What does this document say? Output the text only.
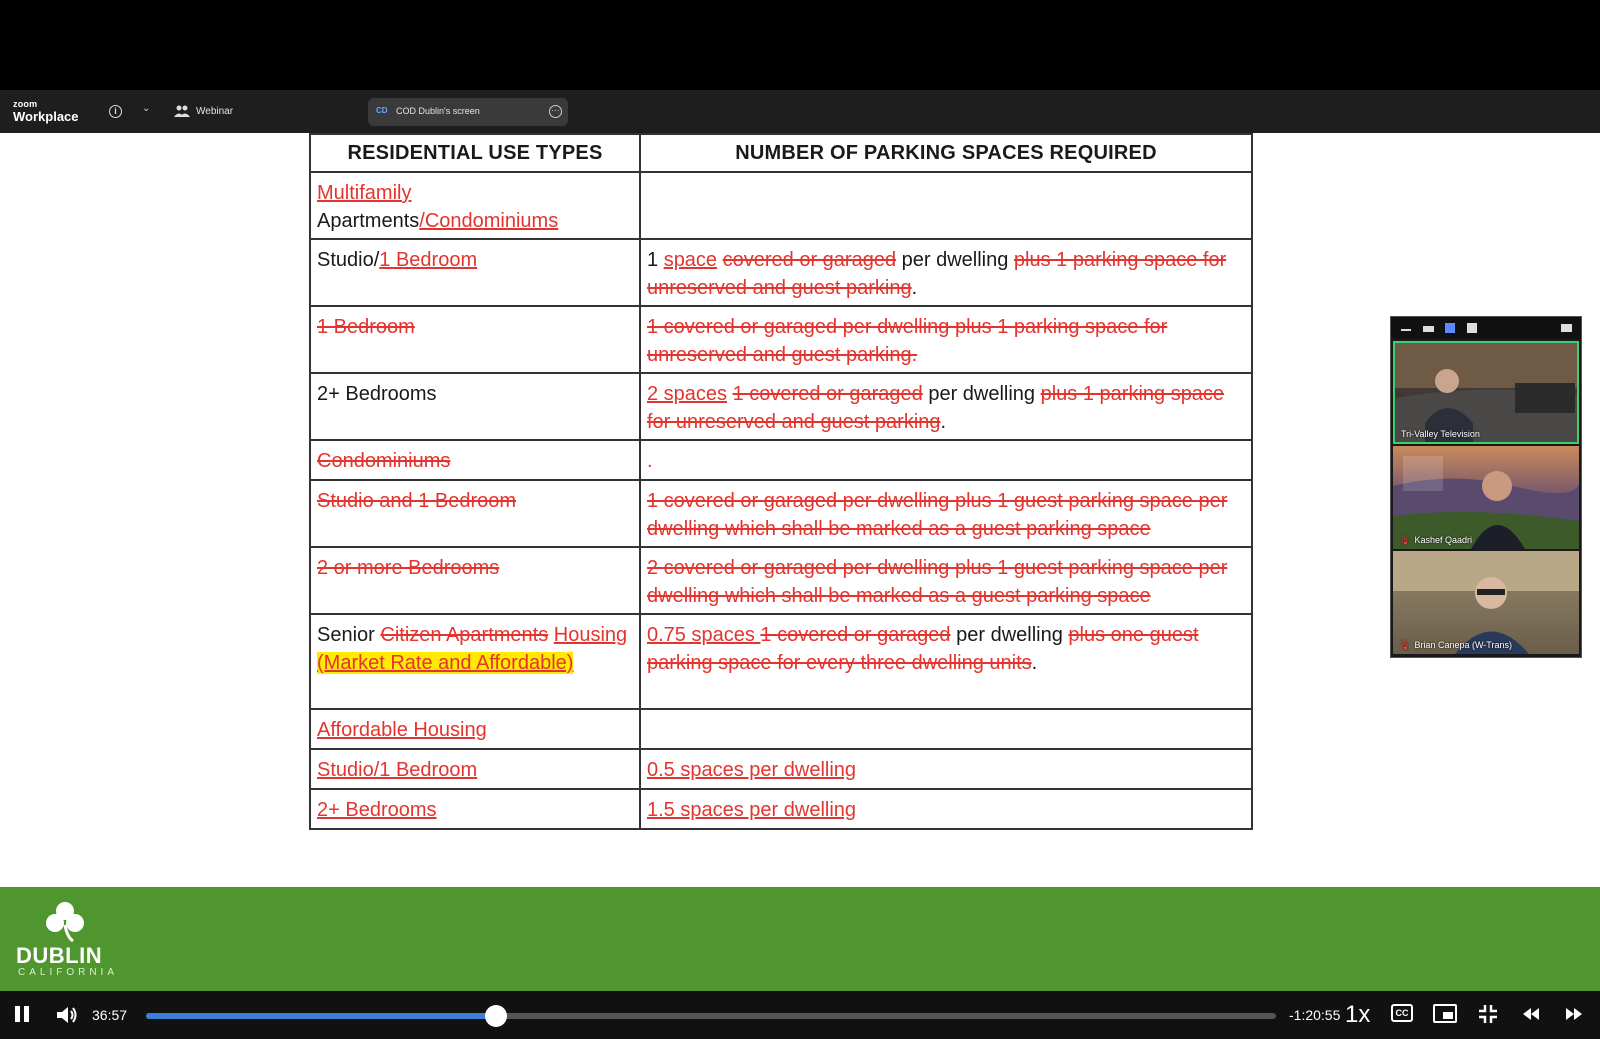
zoom
Workplace	i	⌄	Webinar	CD COD Dublin's screen	⋯
RESIDENTIAL USE TYPES	NUMBER OF PARKING SPACES REQUIRED
Multifamily
Apartments/Condominiums	
Studio/1 Bedroom	1 space covered or garaged per dwelling plus 1 parking space for unreserved and guest parking.
1 Bedroom	1 covered or garaged per dwelling plus 1 parking space for unreserved and guest parking.
2+ Bedrooms	2 spaces 1 covered or garaged per dwelling plus 1 parking space for unreserved and guest parking.
Condominiums	.
Studio and 1 Bedroom	1 covered or garaged per dwelling plus 1 guest parking space per dwelling which shall be marked as a guest parking space
2 or more Bedrooms	2 covered or garaged per dwelling plus 1 guest parking space per dwelling which shall be marked as a guest parking space
Senior Citizen Apartments Housing (Market Rate and Affordable)	0.75 spaces 1 covered or garaged per dwelling plus one guest parking space for every three dwelling units.
Affordable Housing	
Studio/1 Bedroom	0.5 spaces per dwelling
2+ Bedrooms	1.5 spaces per dwelling
Tri-Valley Television
🎙︎ Kashef Qaadri
🎙︎ Brian Canepa (W-Trans)
DUBLIN
CALIFORNIA
36:57	-1:20:55 1x	CC
